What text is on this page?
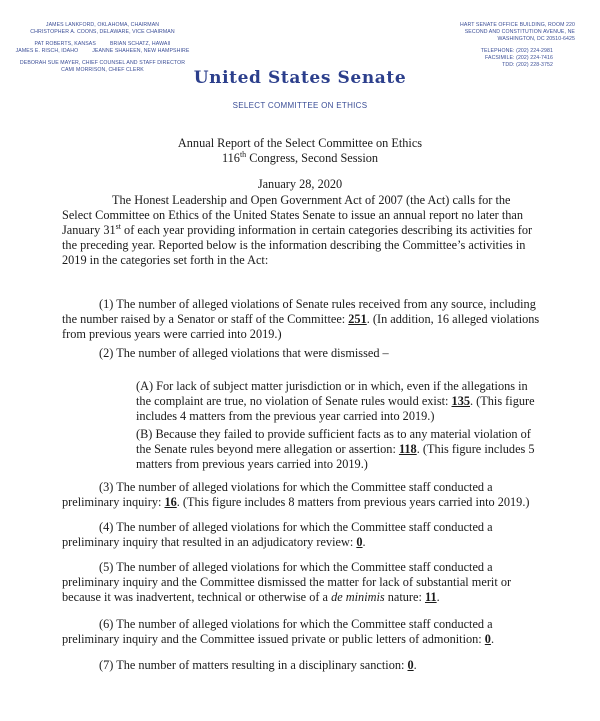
JAMES LANKFORD, OKLAHOMA, CHAIRMAN
CHRISTOPHER A. COONS, DELAWARE, VICE CHAIRMAN
PAT ROBERTS, KANSAS	BRIAN SCHATZ, HAWAII
JAMES E. RISCH, IDAHO	JEANNE SHAHEEN, NEW HAMPSHIRE
DEBORAH SUE MAYER, CHIEF COUNSEL AND STAFF DIRECTOR
CAMI MORRISON, CHIEF CLERK
HART SENATE OFFICE BUILDING, ROOM 220
SECOND AND CONSTITUTION AVENUE, NE
WASHINGTON, DC 20510-6425
TELEPHONE: (202) 224-2981
FACSIMILE: (202) 224-7416
TDD: (202) 228-3752
United States Senate
SELECT COMMITTEE ON ETHICS
Annual Report of the Select Committee on Ethics
116th Congress, Second Session
January 28, 2020
The Honest Leadership and Open Government Act of 2007 (the Act) calls for the Select Committee on Ethics of the United States Senate to issue an annual report no later than January 31st of each year providing information in certain categories describing its activities for the preceding year. Reported below is the information describing the Committee’s activities in 2019 in the categories set forth in the Act:
(1) The number of alleged violations of Senate rules received from any source, including the number raised by a Senator or staff of the Committee: 251. (In addition, 16 alleged violations from previous years were carried into 2019.)
(2) The number of alleged violations that were dismissed –
(A) For lack of subject matter jurisdiction or in which, even if the allegations in the complaint are true, no violation of Senate rules would exist: 135. (This figure includes 4 matters from the previous year carried into 2019.)
(B) Because they failed to provide sufficient facts as to any material violation of the Senate rules beyond mere allegation or assertion: 118. (This figure includes 5 matters from previous years carried into 2019.)
(3) The number of alleged violations for which the Committee staff conducted a preliminary inquiry: 16. (This figure includes 8 matters from previous years carried into 2019.)
(4) The number of alleged violations for which the Committee staff conducted a preliminary inquiry that resulted in an adjudicatory review: 0.
(5) The number of alleged violations for which the Committee staff conducted a preliminary inquiry and the Committee dismissed the matter for lack of substantial merit or because it was inadvertent, technical or otherwise of a de minimis nature: 11.
(6) The number of alleged violations for which the Committee staff conducted a preliminary inquiry and the Committee issued private or public letters of admonition: 0.
(7) The number of matters resulting in a disciplinary sanction: 0.
